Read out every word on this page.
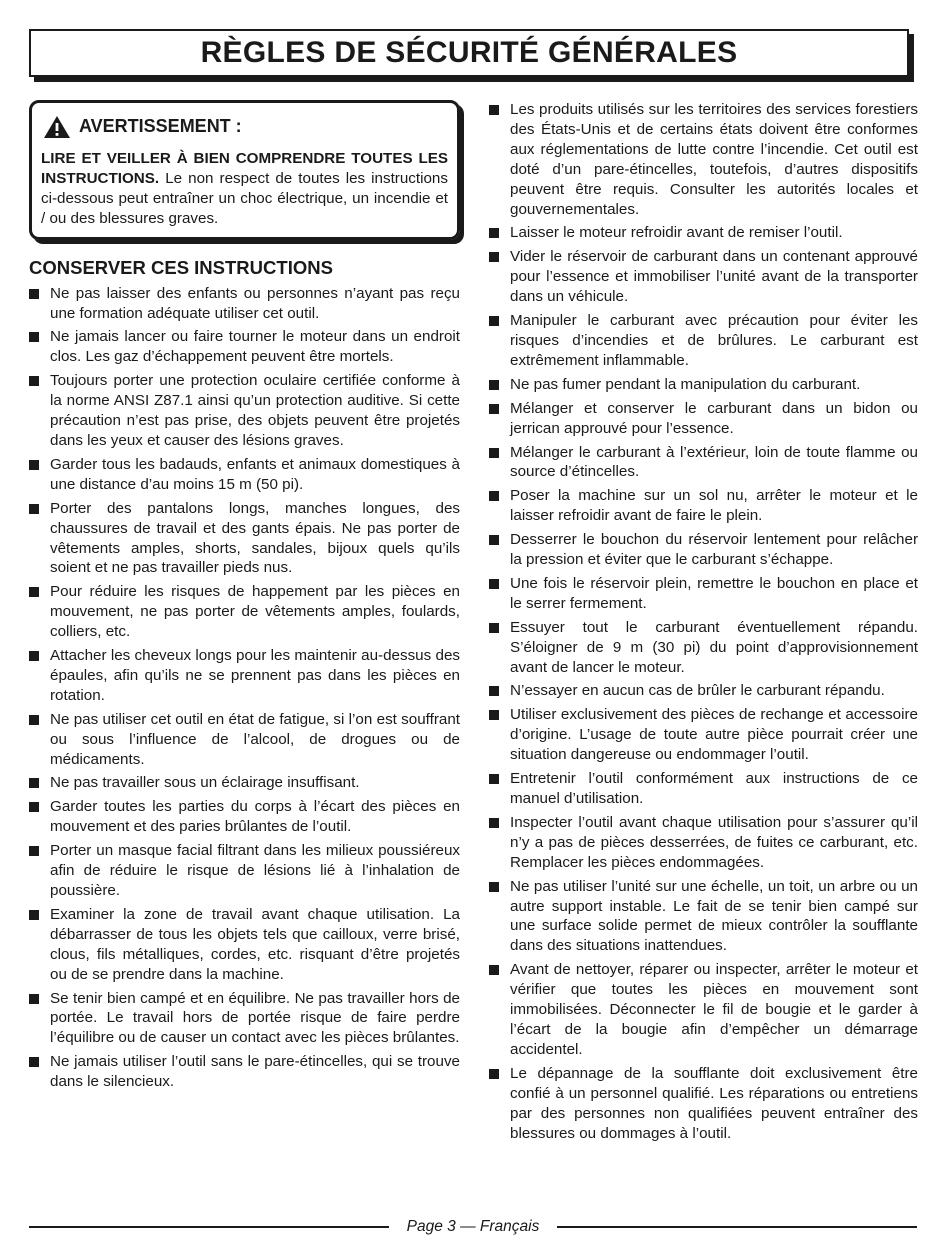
RÈGLES DE SÉCURITÉ GÉNÉRALES
AVERTISSEMENT :
LIRE ET VEILLER À BIEN COMPRENDRE TOUTES LES INSTRUCTIONS. Le non respect de toutes les instructions ci-dessous peut entraîner un choc électrique, un incendie et / ou des blessures graves.
CONSERVER CES INSTRUCTIONS
Ne pas laisser des enfants ou personnes n’ayant pas reçu une formation adéquate utiliser cet outil.
Ne jamais lancer ou faire tourner le moteur dans un endroit clos. Les gaz d’échappement peuvent être mortels.
Toujours porter une protection oculaire certifiée conforme à la norme ANSI Z87.1 ainsi qu’un protection auditive. Si cette précaution n’est pas prise, des objets peuvent être projetés dans les yeux et causer des lésions graves.
Garder tous les badauds, enfants et animaux domestiques à une distance d’au moins 15 m (50 pi).
Porter des pantalons longs, manches longues, des chaussures de travail et des gants épais. Ne pas porter de vêtements amples, shorts, sandales, bijoux quels qu’ils soient et ne pas travailler pieds nus.
Pour réduire les risques de happement par les pièces en mouvement, ne pas porter de vêtements amples, foulards, colliers, etc.
Attacher les cheveux longs pour les maintenir au-dessus des épaules, afin qu’ils ne se prennent pas dans les pièces en rotation.
Ne pas utiliser cet outil en état de fatigue, si l’on est souffrant ou sous l’influence de l’alcool, de drogues ou de médicaments.
Ne pas travailler sous un éclairage insuffisant.
Garder toutes les parties du corps à l’écart des pièces en mouvement et des paries brûlantes de l’outil.
Porter un masque facial filtrant dans les milieux poussiéreux afin de réduire le risque de lésions lié à l’inhalation de poussière.
Examiner la zone de travail avant chaque utilisation. La débarrasser de tous les objets tels que cailloux, verre brisé, clous, fils métalliques, cordes, etc. risquant d’être projetés ou de se prendre dans la machine.
Se tenir bien campé et en équilibre. Ne pas travailler hors de portée. Le travail hors de portée risque de faire perdre l’équilibre ou de causer un contact avec les pièces brûlantes.
Ne jamais utiliser l’outil sans le pare-étincelles, qui se trouve dans le silencieux.
Les produits utilisés sur les territoires des services forestiers des États-Unis et de certains états doivent être conformes aux réglementations de lutte contre l’incendie. Cet outil est doté d’un pare-étincelles, toutefois, d’autres dispositifs peuvent être requis. Consulter les autorités locales et gouvernementales.
Laisser le moteur refroidir avant de remiser l’outil.
Vider le réservoir de carburant dans un contenant approuvé pour l’essence et immobiliser l’unité avant de la transporter dans un véhicule.
Manipuler le carburant avec précaution pour éviter les risques d’incendies et de brûlures. Le carburant est extrêmement inflammable.
Ne pas fumer pendant la manipulation du carburant.
Mélanger et conserver le carburant dans un bidon ou jerrican approuvé pour l’essence.
Mélanger le carburant à l’extérieur, loin de toute flamme ou source d’étincelles.
Poser la machine sur un sol nu, arrêter le moteur et le laisser refroidir avant de faire le plein.
Desserrer le bouchon du réservoir lentement pour relâcher la pression et éviter que le carburant s’échappe.
Une fois le réservoir plein, remettre le bouchon en place et le serrer fermement.
Essuyer tout le carburant éventuellement répandu. S’éloigner de 9 m (30 pi) du point d’approvisionnement avant de lancer le moteur.
N’essayer en aucun cas de brûler le carburant répandu.
Utiliser exclusivement des pièces de rechange et accessoire d’origine. L’usage de toute autre pièce pourrait créer une situation dangereuse ou endommager l’outil.
Entretenir l’outil conformément aux instructions de ce manuel d’utilisation.
Inspecter l’outil avant chaque utilisation pour s’assurer qu’il n’y a pas de pièces desserrées, de fuites ce carburant, etc. Remplacer les pièces endommagées.
Ne pas utiliser l’unité sur une échelle, un toit, un arbre ou un autre support instable. Le fait de se tenir bien campé sur une surface solide permet de mieux contrôler la soufflante dans des situations inattendues.
Avant de nettoyer, réparer ou inspecter, arrêter le moteur et vérifier que toutes les pièces en mouvement sont immobilisées. Déconnecter le fil de bougie et le garder à l’écart de la bougie afin d’empêcher un démarrage accidentel.
Le dépannage de la soufflante doit exclusivement être confié à un personnel qualifié. Les réparations ou entretiens par des personnes non qualifiées peuvent entraîner des blessures ou dommages à l’outil.
Page 3 — Français
